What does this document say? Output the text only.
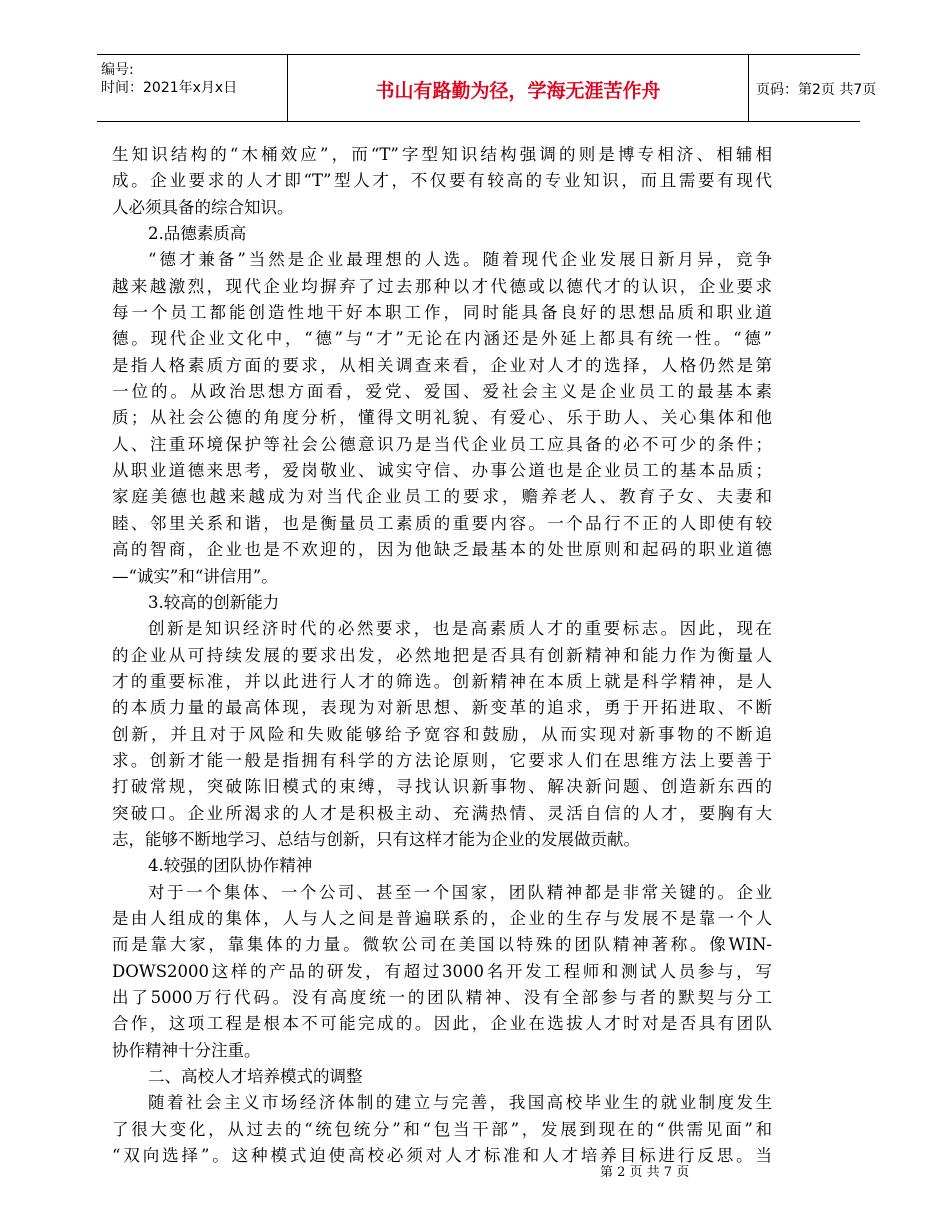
编号:
时间：2021年x月x日	书山有路勤为径，学海无涯苦作舟	页码：第2页 共7页
生知识结构的“木桶效应”，而“T”字型知识结构强调的则是博专相济、相辅相
成。企业要求的人才即“T”型人才，不仅要有较高的专业知识，而且需要有现代
人必须具备的综合知识。
2.品德素质高
“德才兼备”当然是企业最理想的人选。随着现代企业发展日新月异，竞争
越来越激烈，现代企业均摒弃了过去那种以才代德或以德代才的认识，企业要求
每一个员工都能创造性地干好本职工作，同时能具备良好的思想品质和职业道
德。现代企业文化中，“德”与“才”无论在内涵还是外延上都具有统一性。“德”
是指人格素质方面的要求，从相关调查来看，企业对人才的选择，人格仍然是第
一位的。从政治思想方面看，爱党、爱国、爱社会主义是企业员工的最基本素
质；从社会公德的角度分析，懂得文明礼貌、有爱心、乐于助人、关心集体和他
人、注重环境保护等社会公德意识乃是当代企业员工应具备的必不可少的条件；
从职业道德来思考，爱岗敬业、诚实守信、办事公道也是企业员工的基本品质；
家庭美德也越来越成为对当代企业员工的要求，赡养老人、教育子女、夫妻和
睦、邻里关系和谐，也是衡量员工素质的重要内容。一个品行不正的人即使有较
高的智商，企业也是不欢迎的，因为他缺乏最基本的处世原则和起码的职业道德
—“诚实”和“讲信用”。
3.较高的创新能力
创新是知识经济时代的必然要求，也是高素质人才的重要标志。因此，现在
的企业从可持续发展的要求出发，必然地把是否具有创新精神和能力作为衡量人
才的重要标准，并以此进行人才的筛选。创新精神在本质上就是科学精神，是人
的本质力量的最高体现，表现为对新思想、新变革的追求，勇于开拓进取、不断
创新，并且对于风险和失败能够给予宽容和鼓励，从而实现对新事物的不断追
求。创新才能一般是指拥有科学的方法论原则，它要求人们在思维方法上要善于
打破常规，突破陈旧模式的束缚，寻找认识新事物、解决新问题、创造新东西的
突破口。企业所渴求的人才是积极主动、充满热情、灵活自信的人才，要胸有大
志，能够不断地学习、总结与创新，只有这样才能为企业的发展做贡献。
4.较强的团队协作精神
对于一个集体、一个公司、甚至一个国家，团队精神都是非常关键的。企业
是由人组成的集体，人与人之间是普遍联系的，企业的生存与发展不是靠一个人
而是靠大家，靠集体的力量。微软公司在美国以特殊的团队精神著称。像WIN-
DOWS2000这样的产品的研发，有超过3000名开发工程师和测试人员参与，写
出了5000万行代码。没有高度统一的团队精神、没有全部参与者的默契与分工
合作，这项工程是根本不可能完成的。因此，企业在选拔人才时对是否具有团队
协作精神十分注重。
二、高校人才培养模式的调整
随着社会主义市场经济体制的建立与完善，我国高校毕业生的就业制度发生
了很大变化，从过去的“统包统分”和“包当干部”，发展到现在的“供需见面”和
“双向选择”。这种模式迫使高校必须对人才标准和人才培养目标进行反思。当
第 2 页 共 7 页
